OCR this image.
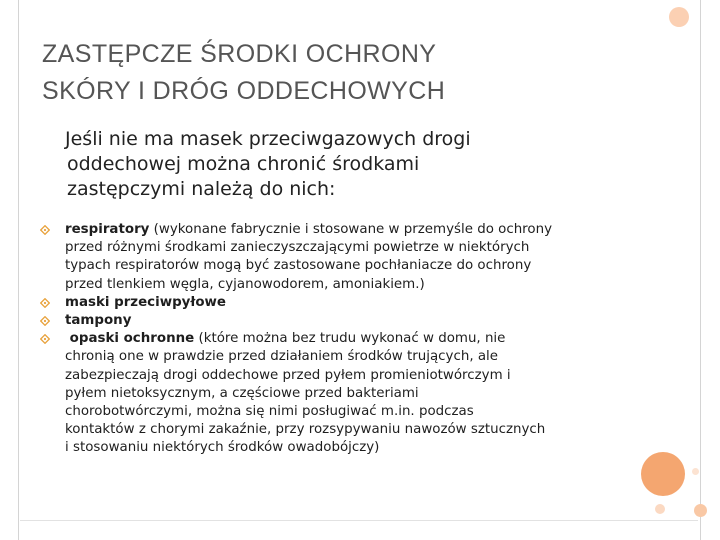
ZASTĘPCZE ŚRODKI OCHRONY
SKÓRY I DRÓG ODDECHOWYCH
Jeśli nie ma masek przeciwgazowych drogi
oddechowej można chronić środkami
zastępczymi należą do nich:
respiratory (wykonane fabrycznie i stosowane w przemyśle do ochrony
przed różnymi środkami zanieczyszczającymi powietrze w niektórych
typach respiratorów mogą być zastosowane pochłaniacze do ochrony
przed tlenkiem węgla, cyjanowodorem, amoniakiem.)
maski przeciwpyłowe
tampony
opaski ochronne (które można bez trudu wykonać w domu, nie
chronią one w prawdzie przed działaniem środków trujących, ale
zabezpieczają drogi oddechowe przed pyłem promieniotwórczym i
pyłem nietoksycznym, a częściowe przed bakteriami
chorobotwórczymi, można się nimi posługiwać m.in. podczas
kontaktów z chorymi zakaźnie, przy rozsypywaniu nawozów sztucznych
i stosowaniu niektórych środków owadobójczy)
